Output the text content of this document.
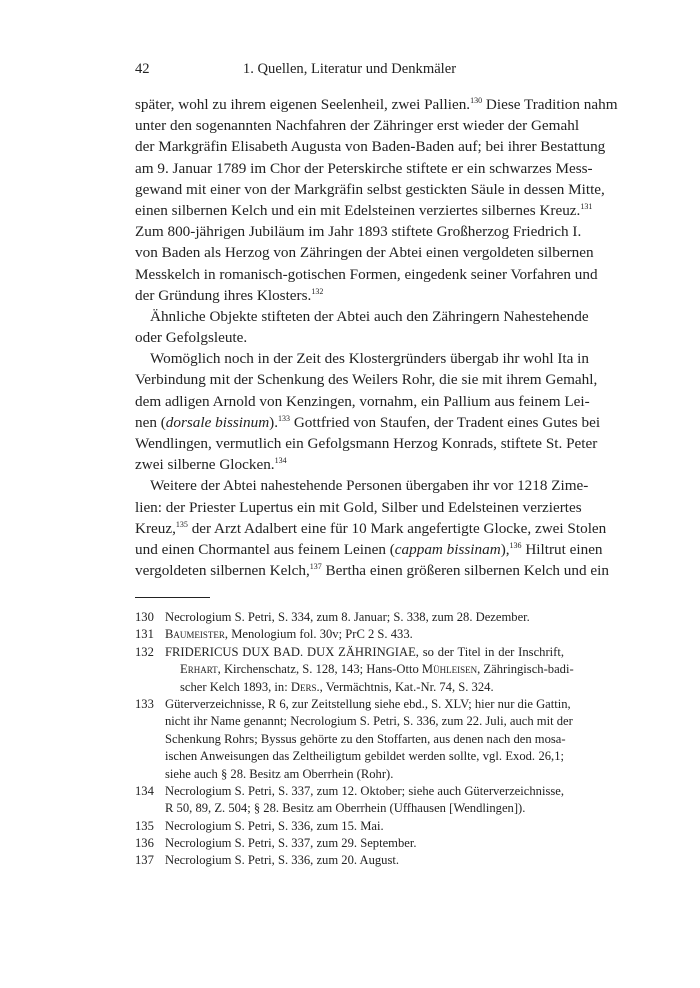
42	1. Quellen, Literatur und Denkmäler
später, wohl zu ihrem eigenen Seelenheil, zwei Pallien.$^{130}$ Diese Tradition nahm
unter den sogenannten Nachfahren der Zähringer erst wieder der Gemahl
der Markgräfin Elisabeth Augusta von Baden-Baden auf; bei ihrer Bestattung
am 9. Januar 1789 im Chor der Peterskirche stiftete er ein schwarzes Mess-
gewand mit einer von der Markgräfin selbst gestickten Säule in dessen Mitte,
einen silbernen Kelch und ein mit Edelsteinen verziertes silbernes Kreuz.$^{131}$
Zum 800-jährigen Jubiläum im Jahr 1893 stiftete Großherzog Friedrich I.
von Baden als Herzog von Zähringen der Abtei einen vergoldeten silbernen
Messkelch in romanisch-gotischen Formen, eingedenk seiner Vorfahren und
der Gründung ihres Klosters.$^{132}$
Ähnliche Objekte stifteten der Abtei auch den Zähringern Nahestehende
oder Gefolgsleute.
Womöglich noch in der Zeit des Klostergründers übergab ihr wohl Ita in
Verbindung mit der Schenkung des Weilers Rohr, die sie mit ihrem Gemahl,
dem adligen Arnold von Kenzingen, vornahm, ein Pallium aus feinem Lei-
nen (dorsale bissinum).$^{133}$ Gottfried von Staufen, der Tradent eines Gutes bei
Wendlingen, vermutlich ein Gefolgsmann Herzog Konrads, stiftete St. Peter
zwei silberne Glocken.$^{134}$
Weitere der Abtei nahestehende Personen übergaben ihr vor 1218 Zime-
lien: der Priester Lupertus ein mit Gold, Silber und Edelsteinen verziertes
Kreuz,$^{135}$ der Arzt Adalbert eine für 10 Mark angefertigte Glocke, zwei Stolen
und einen Chormantel aus feinem Leinen (cappam bissinam),$^{136}$ Hiltrut einen
vergoldeten silbernen Kelch,$^{137}$ Bertha einen größeren silbernen Kelch und ein
130 Necrologium S. Petri, S. 334, zum 8. Januar; S. 338, zum 28. Dezember.
131 Baumeister, Menologium fol. 30v; PrC 2 S. 433.
132 FRIDERICUS DUX BAD. DUX ZÄHRINGIAE, so der Titel in der Inschrift,
Erhart, Kirchenschatz, S. 128, 143; Hans-Otto Mühleisen, Zähringisch-badi-
scher Kelch 1893, in: Ders., Vermächtnis, Kat.-Nr. 74, S. 324.
133 Güterverzeichnisse, R 6, zur Zeitstellung siehe ebd., S. XLV; hier nur die Gattin,
nicht ihr Name genannt; Necrologium S. Petri, S. 336, zum 22. Juli, auch mit der
Schenkung Rohrs; Byssus gehörte zu den Stoffarten, aus denen nach den mosa-
ischen Anweisungen das Zeltheiligtum gebildet werden sollte, vgl. Exod. 26,1;
siehe auch § 28. Besitz am Oberrhein (Rohr).
134 Necrologium S. Petri, S. 337, zum 12. Oktober; siehe auch Güterverzeichnisse,
R 50, 89, Z. 504; § 28. Besitz am Oberrhein (Uffhausen [Wendlingen]).
135 Necrologium S. Petri, S. 336, zum 15. Mai.
136 Necrologium S. Petri, S. 337, zum 29. September.
137 Necrologium S. Petri, S. 336, zum 20. August.
